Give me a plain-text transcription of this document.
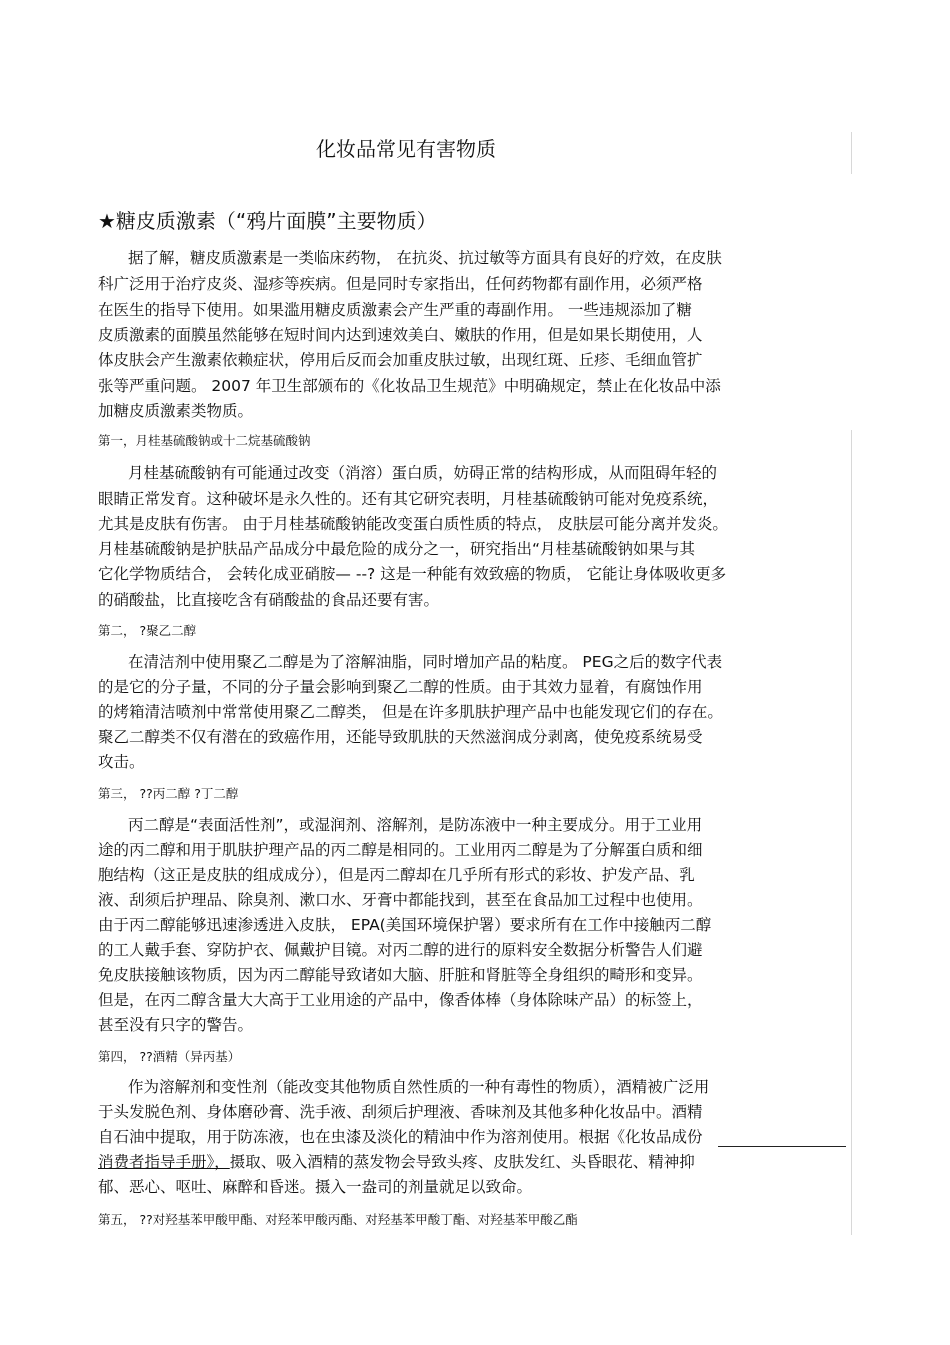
化妆品常见有害物质
★糖皮质激素（“鸦片面膜”主要物质）
据了解，糖皮质激素是一类临床药物， 在抗炎、抗过敏等方面具有良好的疗效，在皮肤
科广泛用于治疗皮炎、湿疹等疾病。但是同时专家指出，任何药物都有副作用，必须严格
在医生的指导下使用。如果滥用糖皮质激素会产生严重的毒副作用。 一些违规添加了糖
皮质激素的面膜虽然能够在短时间内达到速效美白、嫩肤的作用，但是如果长期使用，人
体皮肤会产生激素依赖症状，停用后反而会加重皮肤过敏，出现红斑、丘疹、毛细血管扩
张等严重问题。 2007 年卫生部颁布的《化妆品卫生规范》中明确规定，禁止在化妆品中添
加糖皮质激素类物质。
第一，月桂基硫酸钠或十二烷基硫酸钠
月桂基硫酸钠有可能通过改变（消溶）蛋白质，妨碍正常的结构形成，从而阻碍年轻的
眼睛正常发育。这种破坏是永久性的。还有其它研究表明，月桂基硫酸钠可能对免疫系统，
尤其是皮肤有伤害。 由于月桂基硫酸钠能改变蛋白质性质的特点， 皮肤层可能分离并发炎。
月桂基硫酸钠是护肤品产品成分中最危险的成分之一，研究指出“月桂基硫酸钠如果与其
它化学物质结合， 会转化成亚硝胺— --? 这是一种能有效致癌的物质， 它能让身体吸收更多
的硝酸盐，比直接吃含有硝酸盐的食品还要有害。
第二， ?聚乙二醇
在清洁剂中使用聚乙二醇是为了溶解油脂，同时增加产品的粘度。 PEG之后的数字代表
的是它的分子量，不同的分子量会影响到聚乙二醇的性质。由于其效力显着，有腐蚀作用
的烤箱清洁喷剂中常常使用聚乙二醇类， 但是在许多肌肤护理产品中也能发现它们的存在。
聚乙二醇类不仅有潜在的致癌作用，还能导致肌肤的天然滋润成分剥离，使免疫系统易受
攻击。
第三， ??丙二醇 ?丁二醇
丙二醇是“表面活性剂”，或湿润剂、溶解剂，是防冻液中一种主要成分。用于工业用
途的丙二醇和用于肌肤护理产品的丙二醇是相同的。工业用丙二醇是为了分解蛋白质和细
胞结构（这正是皮肤的组成成分），但是丙二醇却在几乎所有形式的彩妆、护发产品、乳
液、刮须后护理品、除臭剂、漱口水、牙膏中都能找到，甚至在食品加工过程中也使用。
由于丙二醇能够迅速渗透进入皮肤， EPA(美国环境保护署）要求所有在工作中接触丙二醇
的工人戴手套、穿防护衣、佩戴护目镜。对丙二醇的进行的原料安全数据分析警告人们避
免皮肤接触该物质，因为丙二醇能导致诸如大脑、肝脏和肾脏等全身组织的畸形和变异。
但是，在丙二醇含量大大高于工业用途的产品中，像香体棒（身体除味产品）的标签上，
甚至没有只字的警告。
第四， ??酒精（异丙基）
作为溶解剂和变性剂（能改变其他物质自然性质的一种有毒性的物质），酒精被广泛用
于头发脱色剂、身体磨砂膏、洗手液、刮须后护理液、香味剂及其他多种化妆品中。酒精
自石油中提取，用于防冻液，也在虫漆及淡化的精油中作为溶剂使用。根据《化妆品成份
消费者指导手册》，摄取、吸入酒精的蒸发物会导致头疼、皮肤发红、头昏眼花、精神抑
郁、恶心、呕吐、麻醉和昏迷。摄入一盎司的剂量就足以致命。
第五， ??对羟基苯甲酸甲酯、对羟苯甲酸丙酯、对羟基苯甲酸丁酯、对羟基苯甲酸乙酯
